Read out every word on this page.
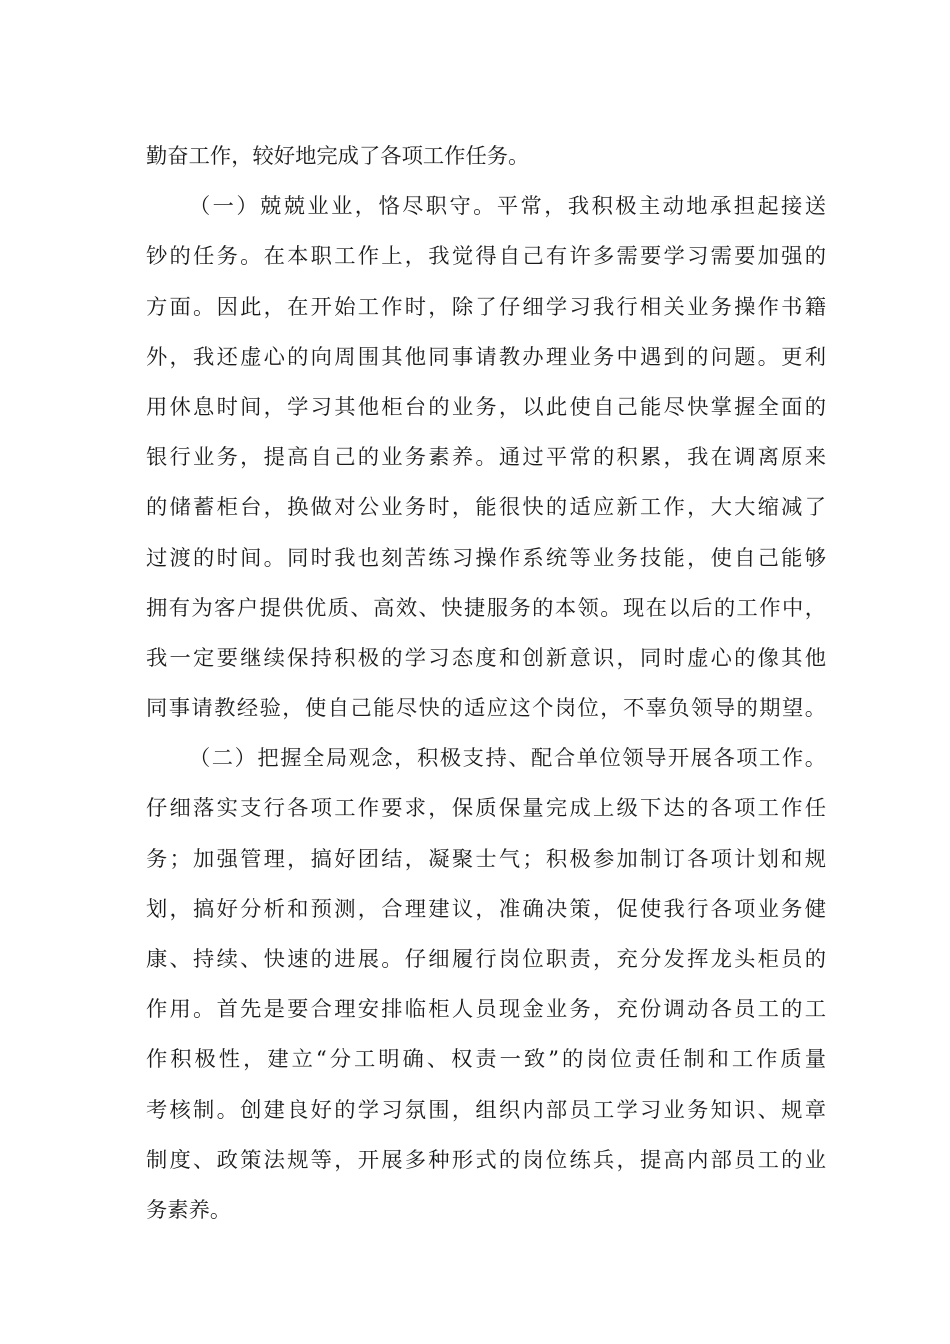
勤奋工作，较好地完成了各项工作任务。
（一）兢兢业业，恪尽职守。平常，我积极主动地承担起接送
钞的任务。在本职工作上，我觉得自己有许多需要学习需要加强的
方面。因此，在开始工作时，除了仔细学习我行相关业务操作书籍
外，我还虚心的向周围其他同事请教办理业务中遇到的问题。更利
用休息时间，学习其他柜台的业务，以此使自己能尽快掌握全面的
银行业务，提高自己的业务素养。通过平常的积累，我在调离原来
的储蓄柜台，换做对公业务时，能很快的适应新工作，大大缩减了
过渡的时间。同时我也刻苦练习操作系统等业务技能，使自己能够
拥有为客户提供优质、高效、快捷服务的本领。现在以后的工作中，
我一定要继续保持积极的学习态度和创新意识，同时虚心的像其他
同事请教经验，使自己能尽快的适应这个岗位，不辜负领导的期望。
（二）把握全局观念，积极支持、配合单位领导开展各项工作。
仔细落实支行各项工作要求，保质保量完成上级下达的各项工作任
务；加强管理，搞好团结，凝聚士气；积极参加制订各项计划和规
划，搞好分析和预测，合理建议，准确决策，促使我行各项业务健
康、持续、快速的进展。仔细履行岗位职责，充分发挥龙头柜员的
作用。首先是要合理安排临柜人员现金业务，充份调动各员工的工
作积极性，建立“分工明确、权责一致”的岗位责任制和工作质量
考核制。创建良好的学习氛围，组织内部员工学习业务知识、规章
制度、政策法规等，开展多种形式的岗位练兵，提高内部员工的业
务素养。
